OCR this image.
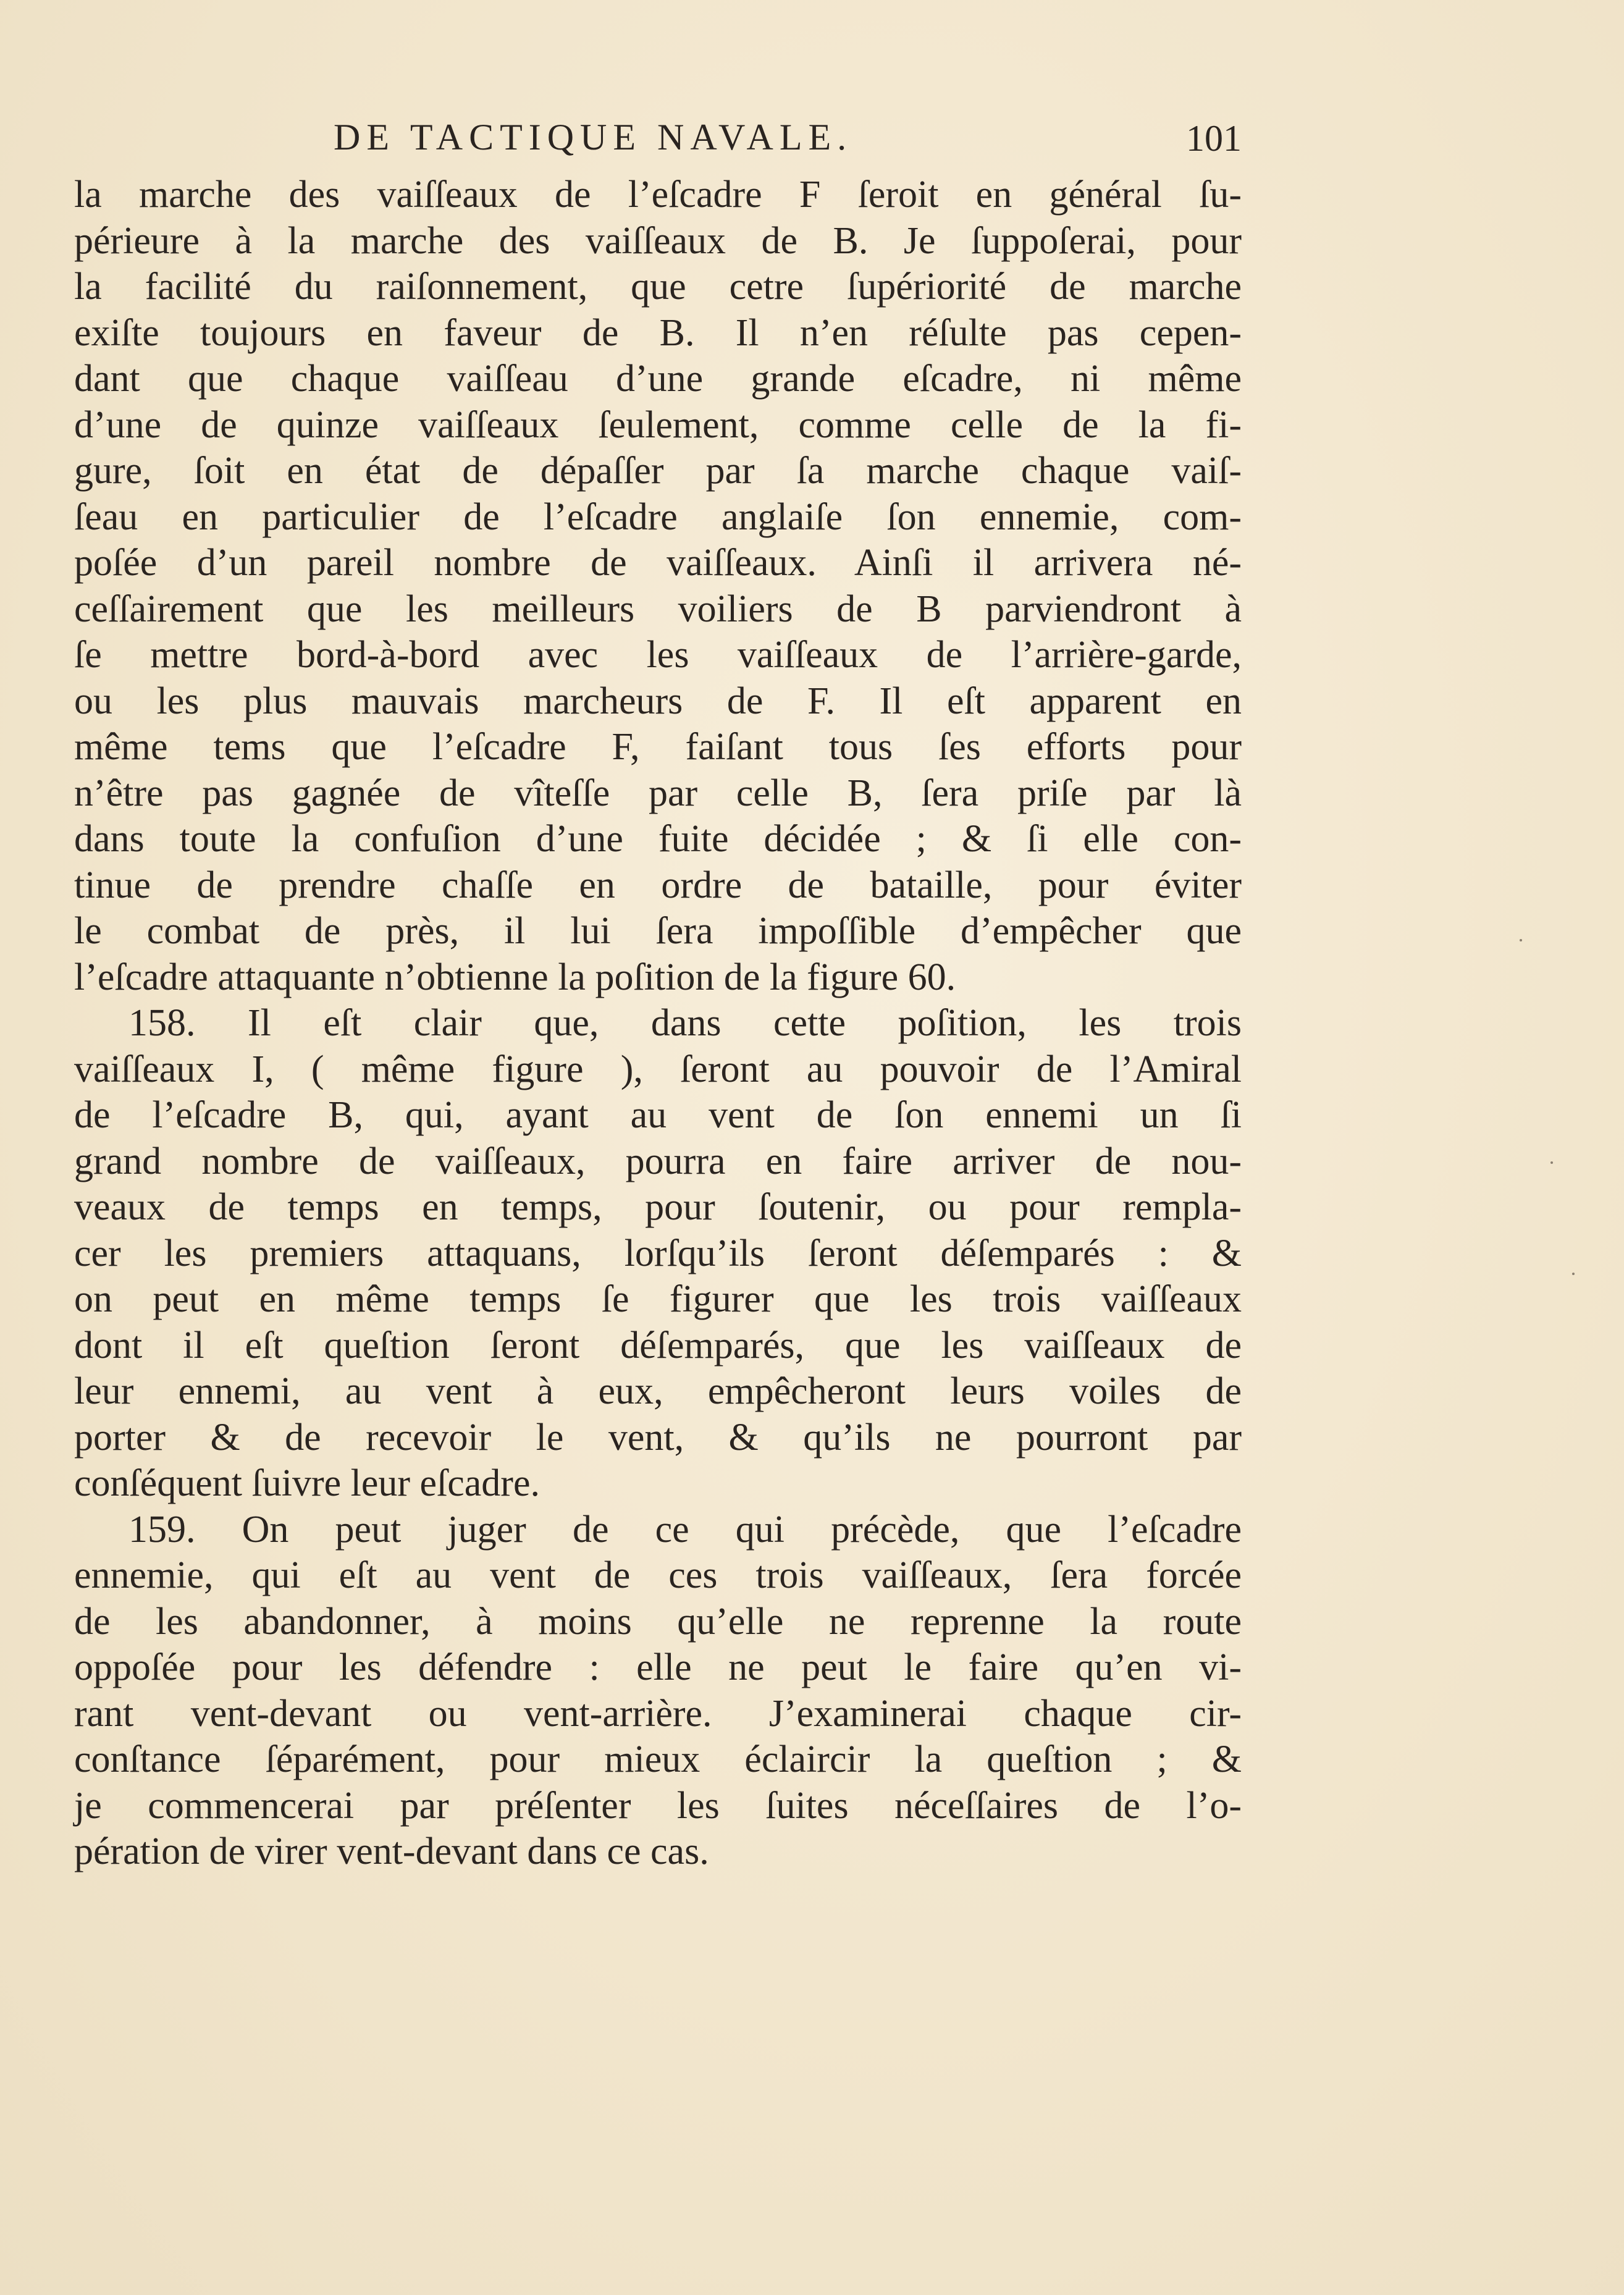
DE TACTIQUE NAVALE.	101
la marche des vaiſſeaux de l’eſcadre F ſeroit en général ſu-
périeure à la marche des vaiſſeaux de B. Je ſuppoſerai, pour
la facilité du raiſonnement, que cetre ſupériorité de marche
exiſte toujours en faveur de B. Il n’en réſulte pas cepen-
dant que chaque vaiſſeau d’une grande eſcadre, ni même
d’une de quinze vaiſſeaux ſeulement, comme celle de la fi-
gure, ſoit en état de dépaſſer par ſa marche chaque vaiſ-
ſeau en particulier de l’eſcadre anglaiſe ſon ennemie, com-
poſée d’un pareil nombre de vaiſſeaux. Ainſi il arrivera né-
ceſſairement que les meilleurs voiliers de B parviendront à
ſe mettre bord-à-bord avec les vaiſſeaux de l’arrière-garde,
ou les plus mauvais marcheurs de F. Il eſt apparent en
même tems que l’eſcadre F, faiſant tous ſes efforts pour
n’être pas gagnée de vîteſſe par celle B, ſera priſe par là
dans toute la confuſion d’une fuite décidée ; & ſi elle con-
tinue de prendre chaſſe en ordre de bataille, pour éviter
le combat de près, il lui ſera impoſſible d’empêcher que
l’eſcadre attaquante n’obtienne la poſition de la figure 60.
158. Il eſt clair que, dans cette poſition, les trois
vaiſſeaux I, ( même figure ), ſeront au pouvoir de l’Amiral
de l’eſcadre B, qui, ayant au vent de ſon ennemi un ſi
grand nombre de vaiſſeaux, pourra en faire arriver de nou-
veaux de temps en temps, pour ſoutenir, ou pour rempla-
cer les premiers attaquans, lorſqu’ils ſeront déſemparés : &
on peut en même temps ſe figurer que les trois vaiſſeaux
dont il eſt queſtion ſeront déſemparés, que les vaiſſeaux de
leur ennemi, au vent à eux, empêcheront leurs voiles de
porter & de recevoir le vent, & qu’ils ne pourront par
conſéquent ſuivre leur eſcadre.
159. On peut juger de ce qui précède, que l’eſcadre
ennemie, qui eſt au vent de ces trois vaiſſeaux, ſera forcée
de les abandonner, à moins qu’elle ne reprenne la route
oppoſée pour les défendre : elle ne peut le faire qu’en vi-
rant vent-devant ou vent-arrière. J’examinerai chaque cir-
conſtance ſéparément, pour mieux éclaircir la queſtion ; &
je commencerai par préſenter les ſuites néceſſaires de l’o-
pération de virer vent-devant dans ce cas.
